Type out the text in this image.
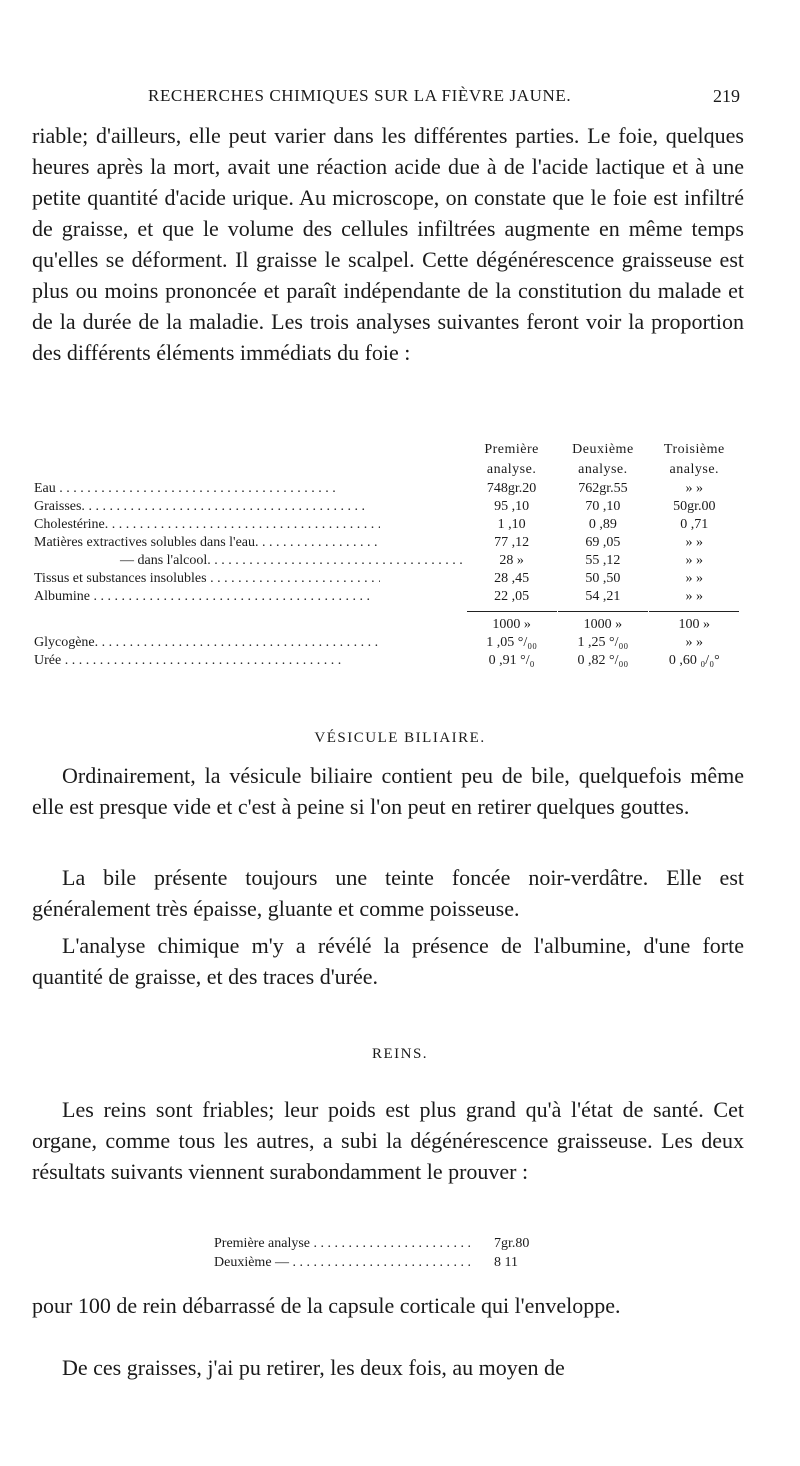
RECHERCHES CHIMIQUES SUR LA FIÈVRE JAUNE.	219

riable; d'ailleurs, elle peut varier dans les différentes parties. Le foie, quelques heures après la mort, avait une réaction acide due à de l'acide lactique et à une petite quantité d'acide urique. Au microscope, on constate que le foie est infiltré de graisse, et que le volume des cellules infiltrées augmente en même temps qu'elles se déforment. Il graisse le scalpel. Cette dégénérescence graisseuse est plus ou moins prononcée et paraît indépendante de la constitution du malade et de la durée de la maladie. Les trois analyses suivantes feront voir la proportion des différents éléments immédiats du foie :

	Première	Deuxième	Troisième
	analyse.	analyse.	analyse.

Eau . . .	748gr.20	762gr.55	» »

Graisses. . . .	95 ,10	70 ,10	50gr.00

Cholestérine. . . .	1 ,10	0 ,89	0 ,71

Matières extractives solubles dans l'eau. . . .	77 ,12	69 ,05	» »

— dans l'alcool. . . .	28 »	55 ,12	» »

Tissus et substances insolubles . . .	28 ,45	50 ,50	» »

Albumine . . .	22 ,05	54 ,21	» »
	1000 »	1000 »	100 »

Glycogène. . . .	1 ,05 °/₀₀	1 ,25 °/₀₀	» »

Urée . . .	0 ,91 °/₀	0 ,82 °/₀₀	0 ,60 ₀/₀°
VÉSICULE BILIAIRE.

Ordinairement, la vésicule biliaire contient peu de bile, quelquefois même elle est presque vide et c'est à peine si l'on peut en retirer quelques gouttes.

La bile présente toujours une teinte foncée noir-verdâtre. Elle est généralement très épaisse, gluante et comme poisseuse.

L'analyse chimique m'y a révélé la présence de l'albumine, d'une forte quantité de graisse, et des traces d'urée.

REINS.

Les reins sont friables; leur poids est plus grand qu'à l'état de santé. Cet organe, comme tous les autres, a subi la dégénérescence graisseuse. Les deux résultats suivants viennent surabondamment le prouver :

Première analyse . . .	7gr.80

Deuxième — . . .	8 11

pour 100 de rein débarrassé de la capsule corticale qui l'enveloppe.

De ces graisses, j'ai pu retirer, les deux fois, au moyen de
